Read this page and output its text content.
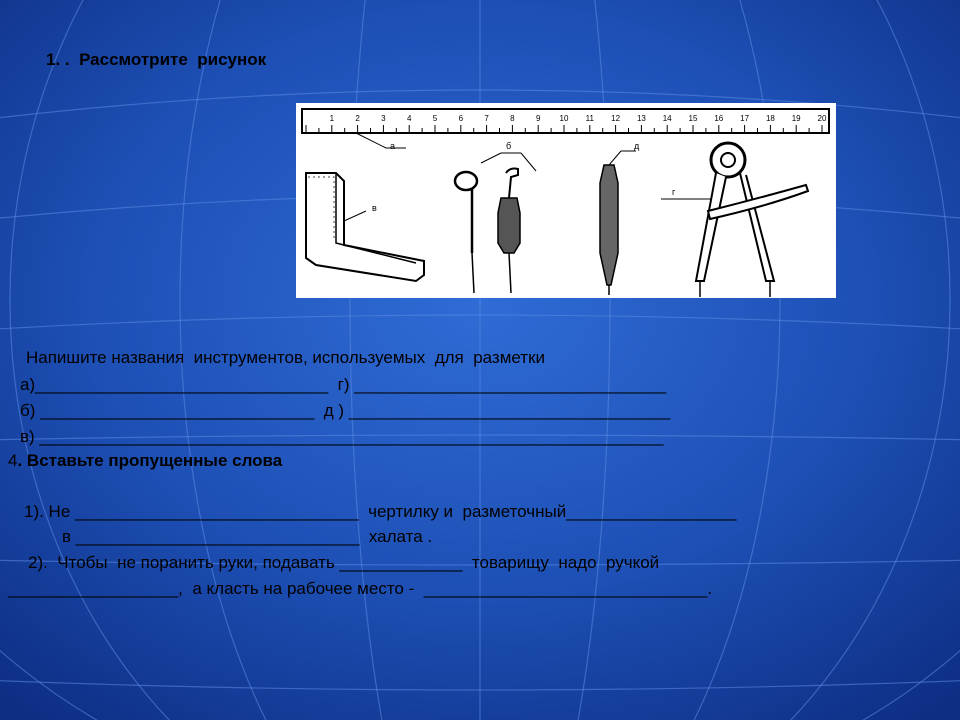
1. .  Рассмотрите  рисунок
1	2	3	4	5	6	7	8	9 10 11 12 13 14 15 16 17 18 19 20
а	б
в
д
г
Напишите названия  инструментов, используемых  для  разметки
а)_______________________________  г) _________________________________
б) _____________________________  д ) __________________________________
в) __________________________________________________________________
4. Вставьте пропущенные слова
1). Не ______________________________  чертилку и  разметочный__________________
в ______________________________  халата .
2).  Чтобы  не поранить руки, подавать _____________  товарищу  надо  ручкой
__________________,  а класть на рабочее место -  ______________________________.
